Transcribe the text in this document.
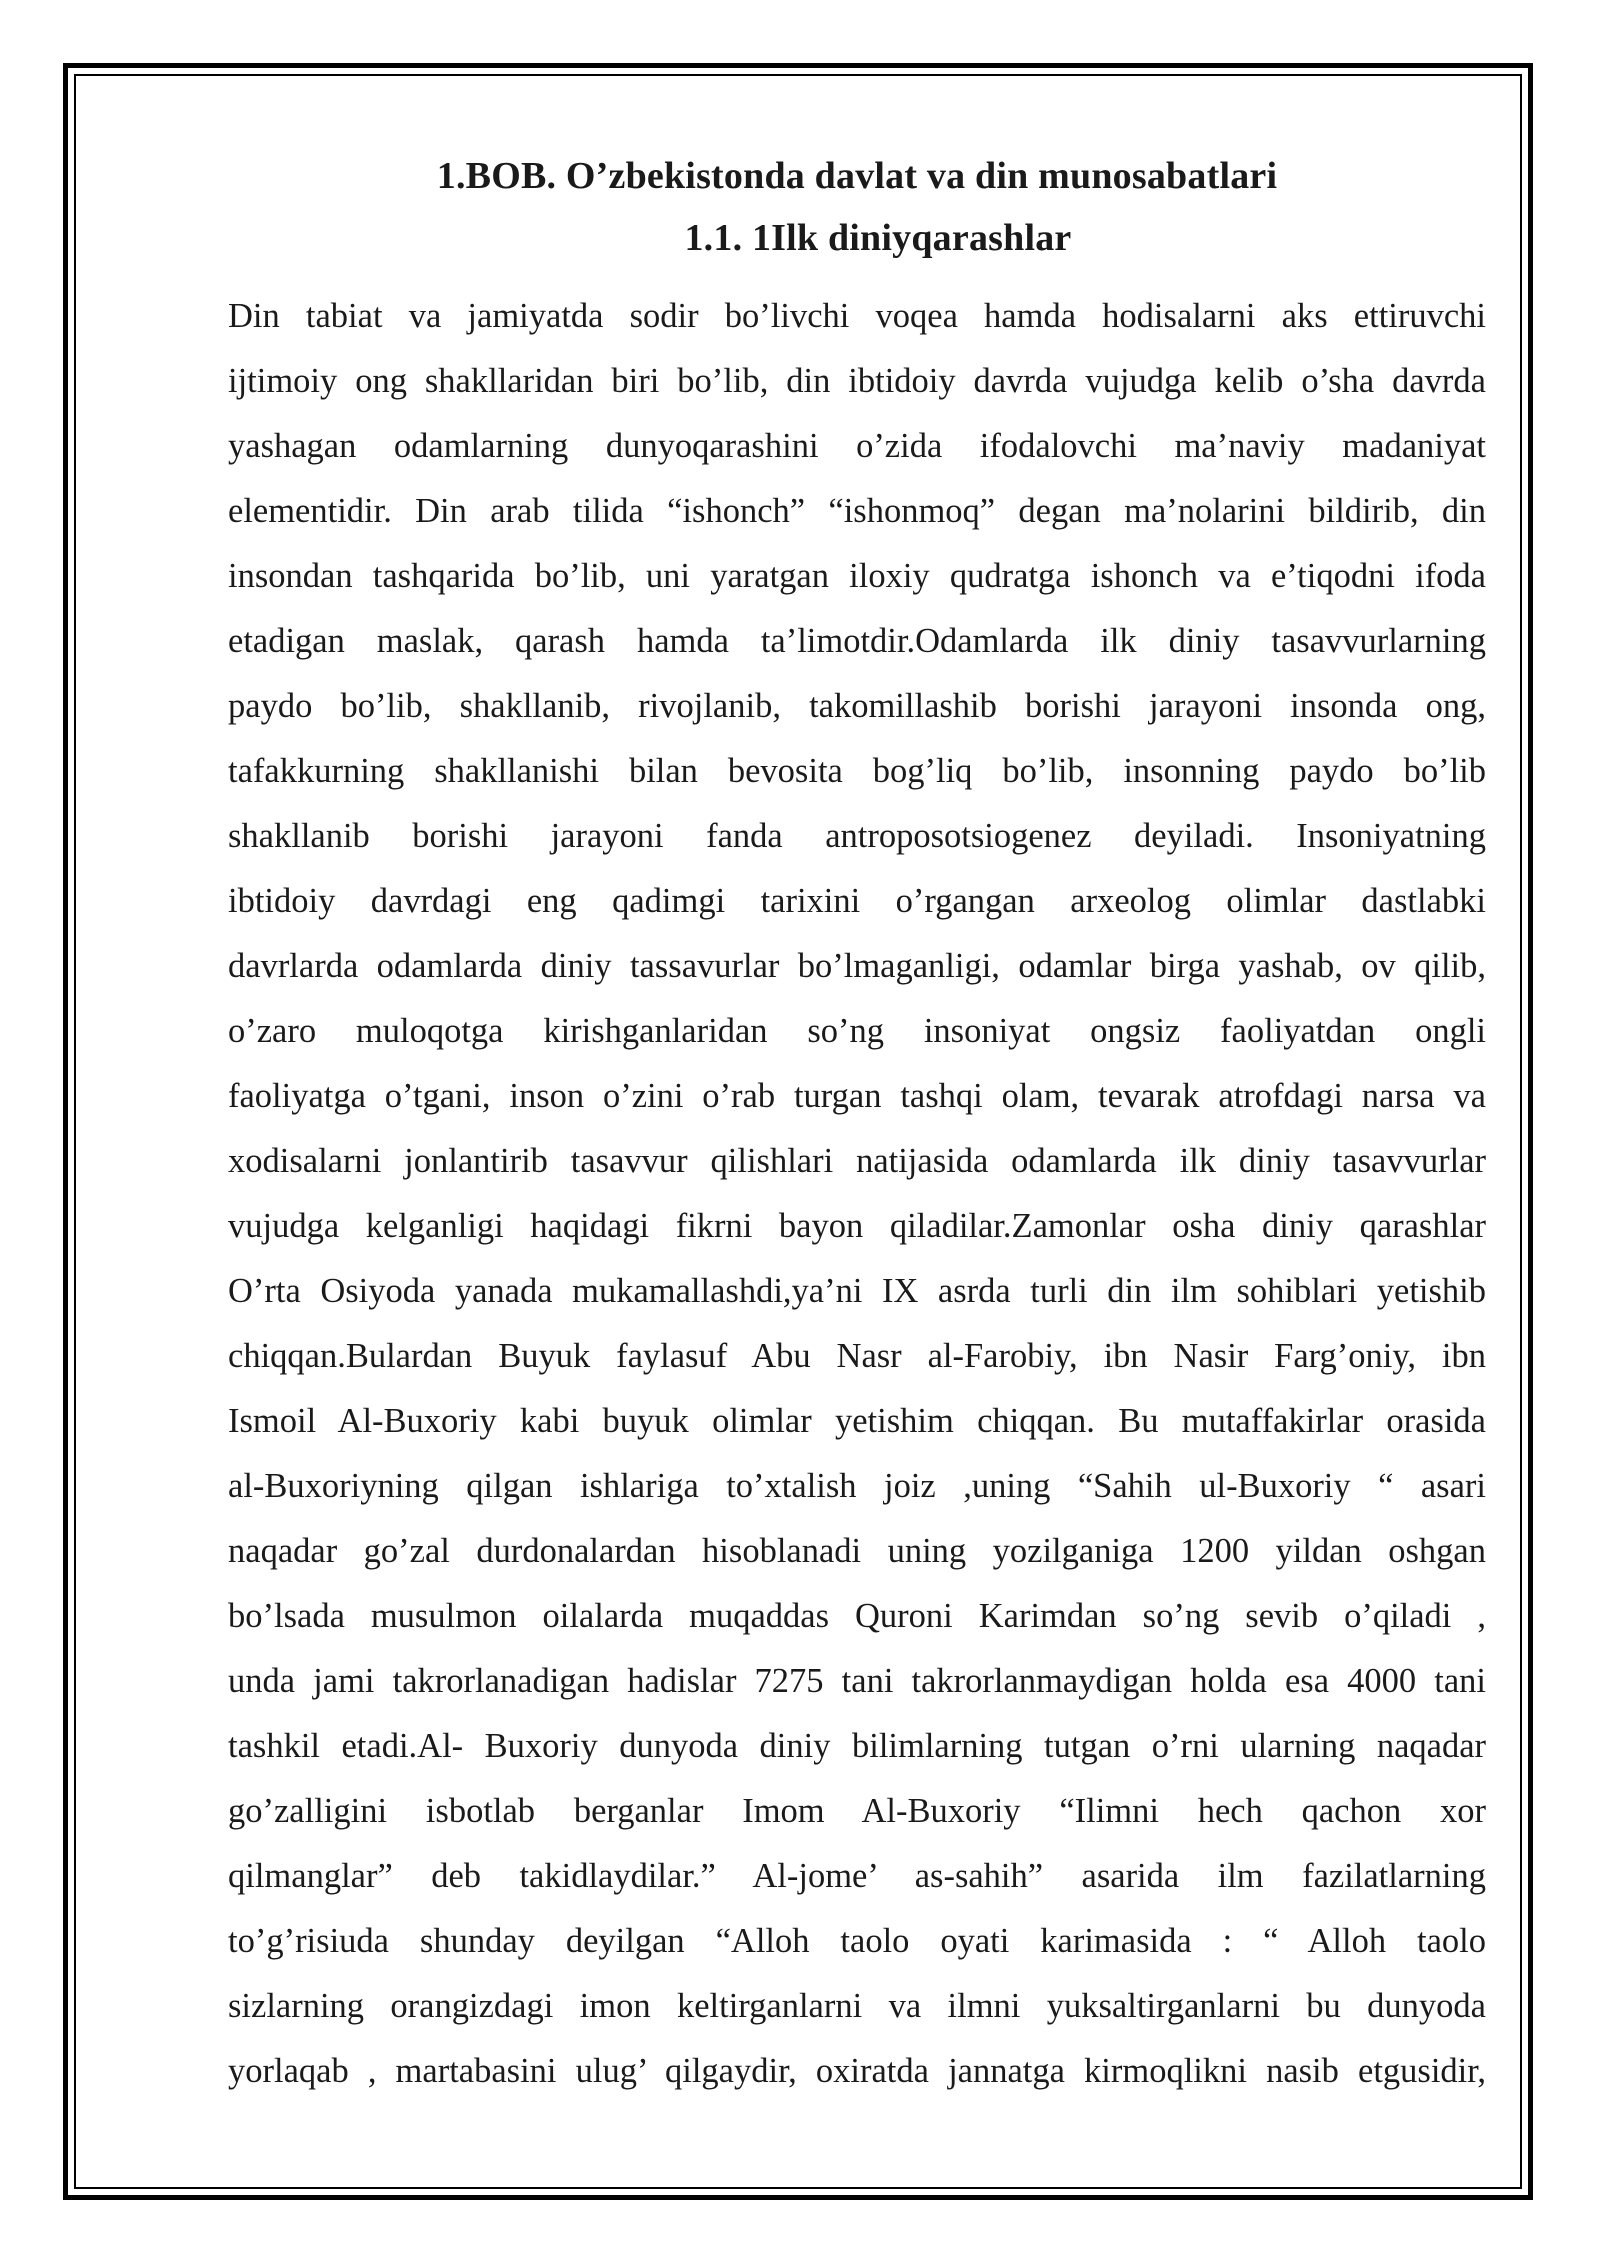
1.BOB. O’zbekistonda davlat va din munosabatlari
1.1. 1Ilk diniyqarashlar
Din tabiat va jamiyatda sodir bo’livchi voqea hamda hodisalarni aks ettiruvchi
ijtimoiy ong shakllaridan biri bo’lib, din ibtidoiy davrda vujudga kelib o’sha davrda
yashagan odamlarning dunyoqarashini o’zida ifodalovchi ma’naviy madaniyat
elementidir. Din arab tilida “ishonch” “ishonmoq” degan ma’nolarini bildirib, din
insondan tashqarida bo’lib, uni yaratgan iloxiy qudratga ishonch va e’tiqodni ifoda
etadigan maslak, qarash hamda ta’limotdir.Odamlarda ilk diniy tasavvurlarning
paydo bo’lib, shakllanib, rivojlanib, takomillashib borishi jarayoni insonda ong,
tafakkurning shakllanishi bilan bevosita bog’liq bo’lib, insonning paydo bo’lib
shakllanib borishi jarayoni fanda antroposotsiogenez deyiladi. Insoniyatning
ibtidoiy davrdagi eng qadimgi tarixini o’rgangan arxeolog olimlar dastlabki
davrlarda odamlarda diniy tassavurlar bo’lmaganligi, odamlar birga yashab, ov qilib,
o’zaro muloqotga kirishganlaridan so’ng insoniyat ongsiz faoliyatdan ongli
faoliyatga o’tgani, inson o’zini o’rab turgan tashqi olam, tevarak atrofdagi narsa va
xodisalarni jonlantirib tasavvur qilishlari natijasida odamlarda ilk diniy tasavvurlar
vujudga kelganligi haqidagi fikrni bayon qiladilar.Zamonlar osha diniy qarashlar
O’rta Osiyoda yanada mukamallashdi,ya’ni IX asrda turli din ilm sohiblari yetishib
chiqqan.Bulardan Buyuk faylasuf Abu Nasr al-Farobiy, ibn Nasir Farg’oniy, ibn
Ismoil Al-Buxoriy kabi buyuk olimlar yetishim chiqqan. Bu mutaffakirlar orasida
al-Buxoriyning qilgan ishlariga to’xtalish joiz ,uning “Sahih ul-Buxoriy “ asari
naqadar go’zal durdonalardan hisoblanadi uning yozilganiga 1200 yildan oshgan
bo’lsada musulmon oilalarda muqaddas Quroni Karimdan so’ng sevib o’qiladi ,
unda jami takrorlanadigan hadislar 7275 tani takrorlanmaydigan holda esa 4000 tani
tashkil etadi.Al- Buxoriy dunyoda diniy bilimlarning tutgan o’rni ularning naqadar
go’zalligini isbotlab berganlar Imom Al-Buxoriy “Ilimni hech qachon xor
qilmanglar” deb takidlaydilar.” Al-jome’ as-sahih” asarida ilm fazilatlarning
to’g’risiuda shunday deyilgan “Alloh taolo oyati karimasida : “ Alloh taolo
sizlarning orangizdagi imon keltirganlarni va ilmni yuksaltirganlarni bu dunyoda
yorlaqab , martabasini ulug’ qilgaydir, oxiratda jannatga kirmoqlikni nasib etgusidir,
